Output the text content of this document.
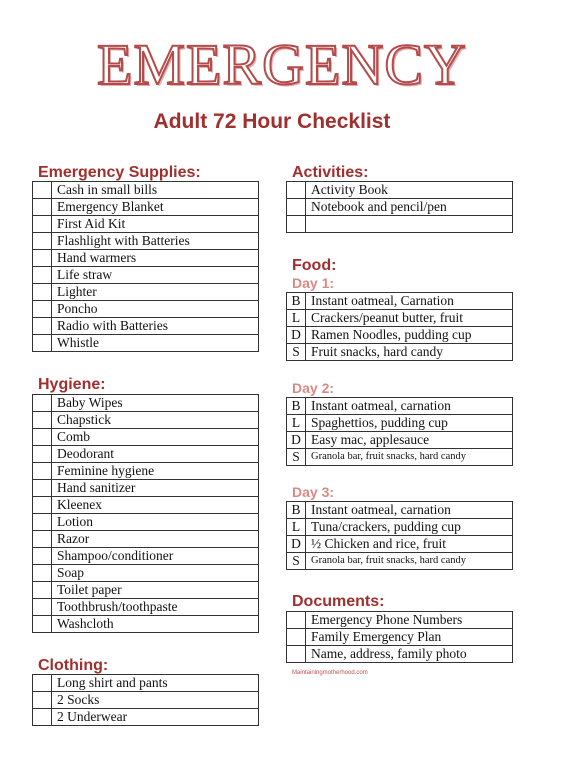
EMERGENCY
Adult 72 Hour Checklist
Emergency Supplies:
	Cash in small bills
	Emergency Blanket
	First Aid Kit
	Flashlight with Batteries
	Hand warmers
	Life straw
	Lighter
	Poncho
	Radio with Batteries
	Whistle
Hygiene:
	Baby Wipes
	Chapstick
	Comb
	Deodorant
	Feminine hygiene
	Hand sanitizer
	Kleenex
	Lotion
	Razor
	Shampoo/conditioner
	Soap
	Toilet paper
	Toothbrush/toothpaste
	Washcloth
Clothing:
	Long shirt and pants
	2 Socks
	2 Underwear
Activities:
	Activity Book
	Notebook and pencil/pen

Food:
Day 1:
B	Instant oatmeal, Carnation
L	Crackers/peanut butter, fruit
D	Ramen Noodles, pudding cup
S	Fruit snacks, hard candy
Day 2:
B	Instant oatmeal, carnation
L	Spaghettios, pudding cup
D	Easy mac, applesauce
S	Granola bar, fruit snacks, hard candy
Day 3:
B	Instant oatmeal, carnation
L	Tuna/crackers, pudding cup
D	½ Chicken and rice, fruit
S	Granola bar, fruit snacks, hard candy
Documents:
	Emergency Phone Numbers
	Family Emergency Plan
	Name, address, family photo
Maintainingmotherhood.com
